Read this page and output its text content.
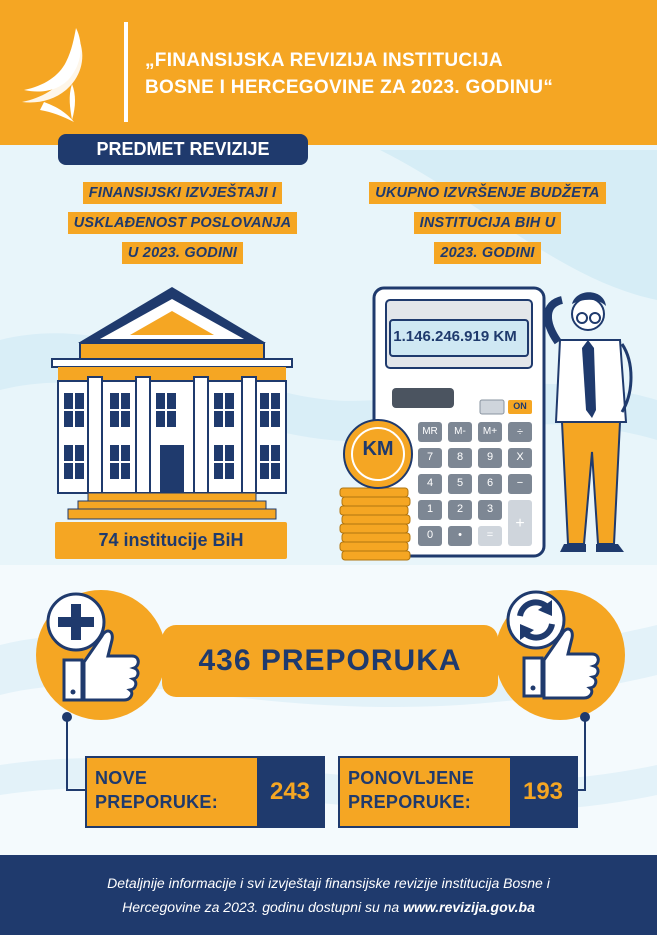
„FINANSIJSKA REVIZIJA INSTITUCIJA
BOSNE I HERCEGOVINE ZA 2023. GODINU“
PREDMET REVIZIJE
FINANSIJSKI IZVJEŠTAJI I
USKLAĐENOST POSLOVANJA
U 2023. GODINI
UKUPNO IZVRŠENJE BUDŽETA
INSTITUCIJA BIH U
2023. GODINI
74 institucije BiH
1.146.246.919 KM
KM
ON
MR	M-	M+	÷
7	8	9	X
4	5	6	−
1	2	3
+
0	•	=
436 PREPORUKA
NOVE
PREPORUKE:	243	PONOVLJENE
PREPORUKE:	193
Detaljnije informacije i svi izvještaji finansijske revizije institucija Bosne i
Hercegovine za 2023. godinu dostupni su na www.revizija.gov.ba
